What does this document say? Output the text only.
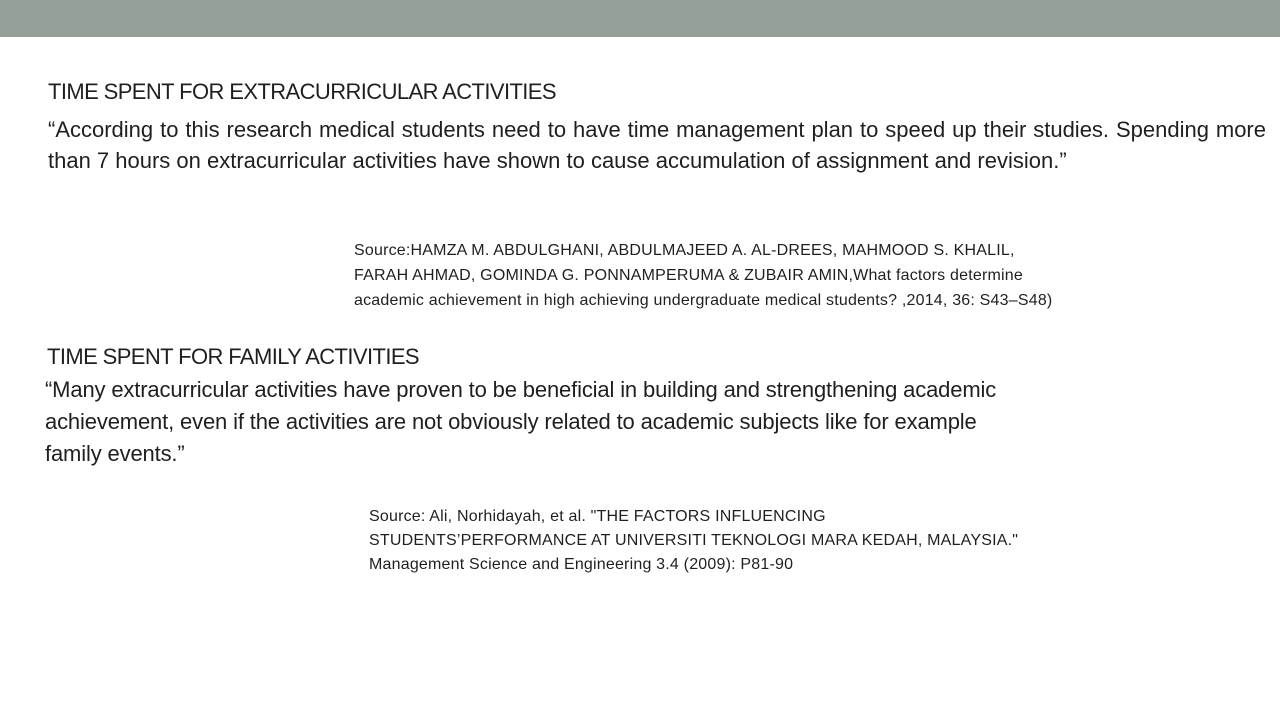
TIME SPENT FOR EXTRACURRICULAR ACTIVITIES
“According to this research medical students need to have time management plan to speed up their studies. Spending more than 7 hours on extracurricular activities have shown to cause accumulation of assignment and revision.”
Source:HAMZA M. ABDULGHANI, ABDULMAJEED A. AL-DREES, MAHMOOD S. KHALIL,
FARAH AHMAD, GOMINDA G. PONNAMPERUMA & ZUBAIR AMIN,What factors determine
academic achievement in high achieving undergraduate medical students? ,2014, 36: S43–S48)
TIME SPENT FOR FAMILY ACTIVITIES
“Many extracurricular activities have proven to be beneficial in building and strengthening academic
achievement, even if the activities are not obviously related to academic subjects like for example
family events.”
Source: Ali, Norhidayah, et al. "THE FACTORS INFLUENCING
STUDENTS’PERFORMANCE AT UNIVERSITI TEKNOLOGI MARA KEDAH, MALAYSIA."
Management Science and Engineering 3.4 (2009): P81-90
